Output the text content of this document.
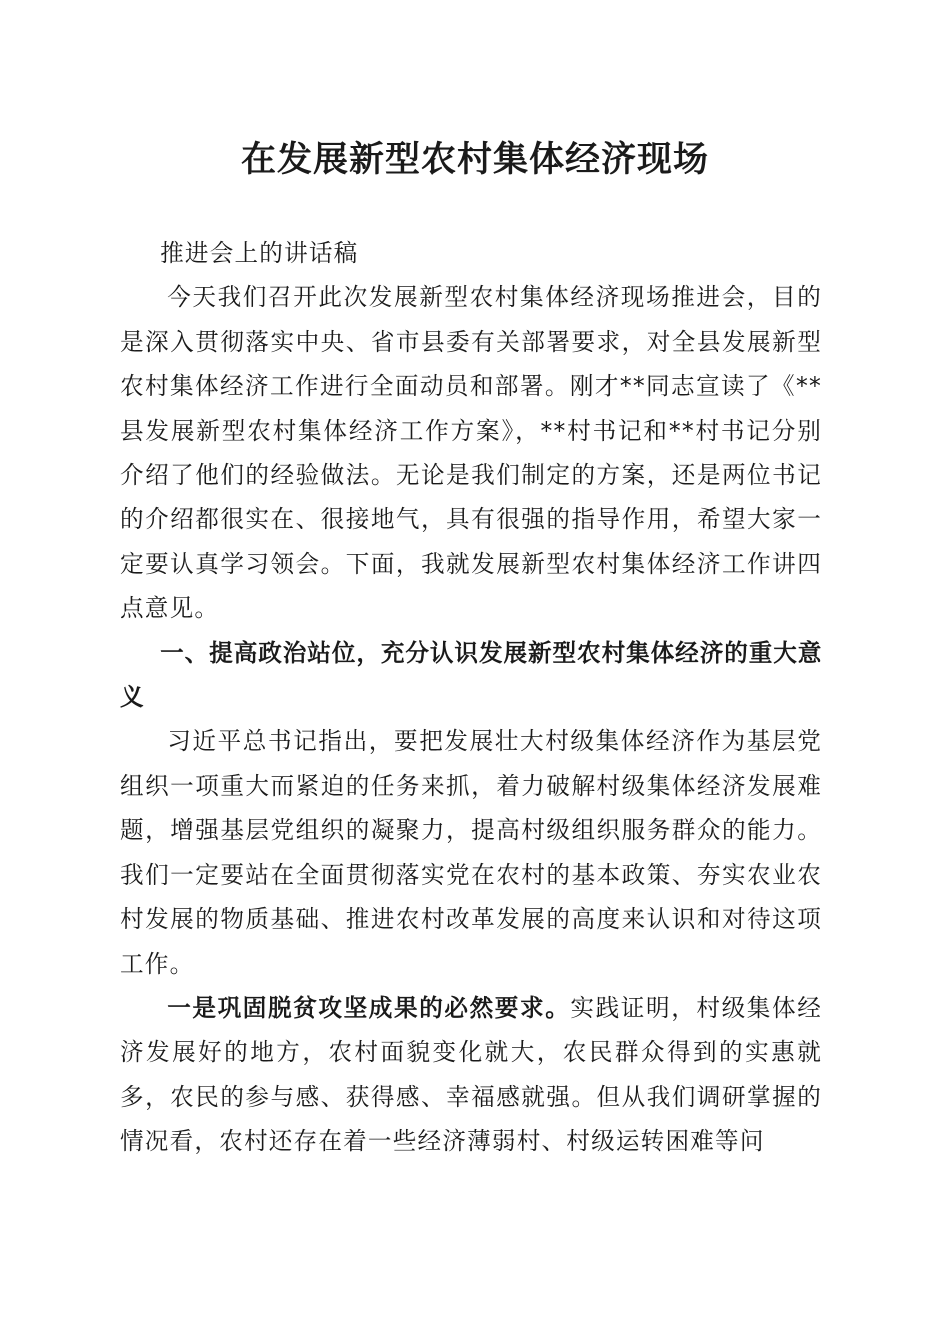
在发展新型农村集体经济现场

推进会上的讲话稿

今天我们召开此次发展新型农村集体经济现场推进会，目的是深入贯彻落实中央、省市县委有关部署要求，对全县发展新型农村集体经济工作进行全面动员和部署。刚才**同志宣读了《**县发展新型农村集体经济工作方案》，**村书记和**村书记分别介绍了他们的经验做法。无论是我们制定的方案，还是两位书记的介绍都很实在、很接地气，具有很强的指导作用，希望大家一定要认真学习领会。下面，我就发展新型农村集体经济工作讲四点意见。

一、提高政治站位，充分认识发展新型农村集体经济的重大意义

习近平总书记指出，要把发展壮大村级集体经济作为基层党组织一项重大而紧迫的任务来抓，着力破解村级集体经济发展难题，增强基层党组织的凝聚力，提高村级组织服务群众的能力。我们一定要站在全面贯彻落实党在农村的基本政策、夯实农业农村发展的物质基础、推进农村改革发展的高度来认识和对待这项工作。

一是巩固脱贫攻坚成果的必然要求。实践证明，村级集体经济发展好的地方，农村面貌变化就大，农民群众得到的实惠就多，农民的参与感、获得感、幸福感就强。但从我们调研掌握的情况看，农村还存在着一些经济薄弱村、村级运转困难等问
